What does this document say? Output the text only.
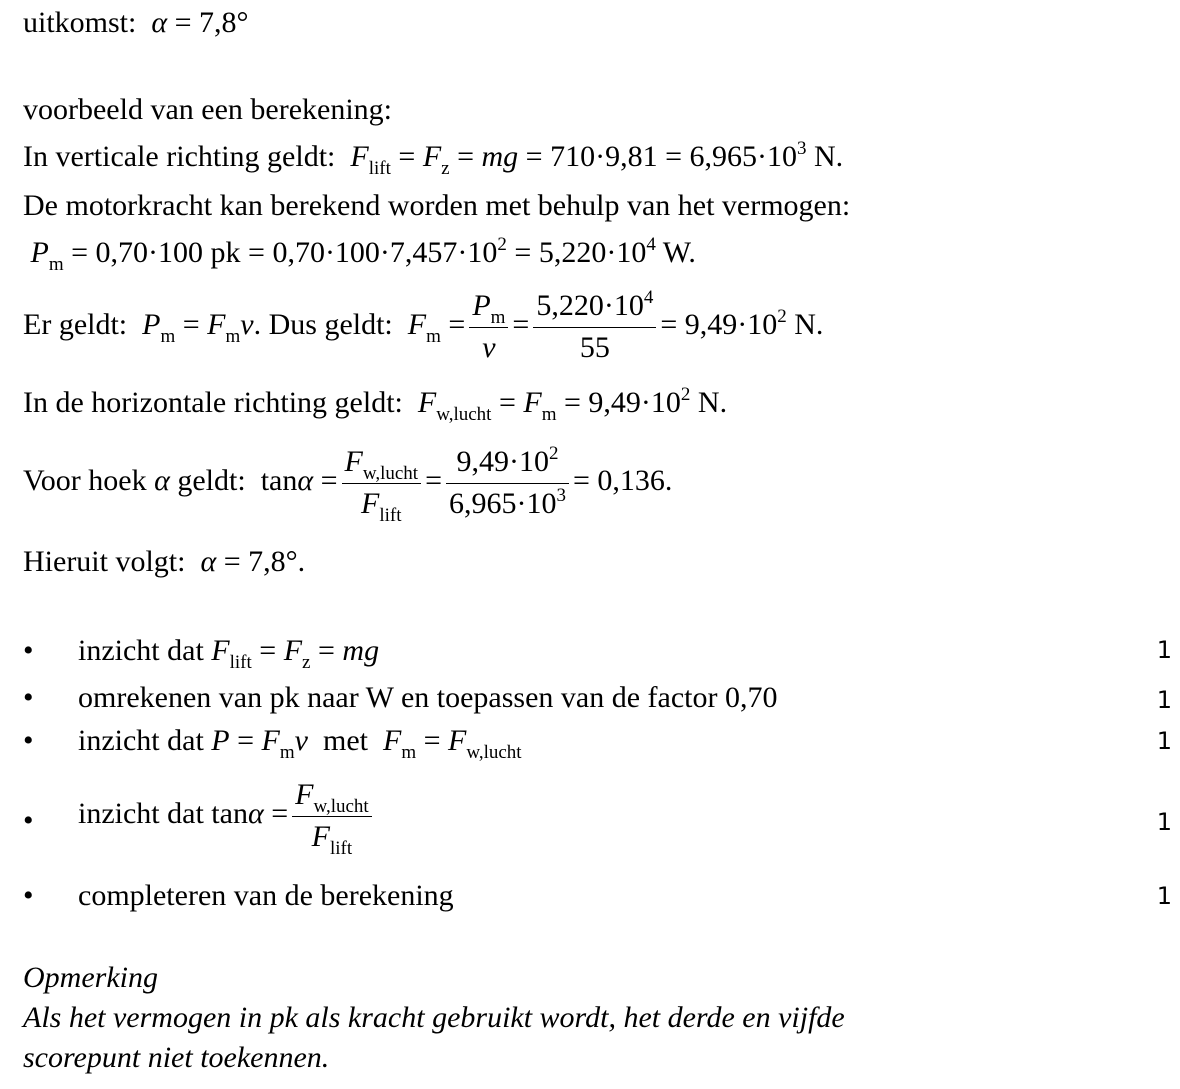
uitkomst: α = 7,8°
voorbeeld van een berekening:
In verticale richting geldt: $F_{lift} = F_z$ = mg = $710\cdot 9,81 = 6,965\cdot 10^3$ N.
De motorkracht kan berekend worden met behulp van het vermogen:
$P_m = 0,70\cdot 100$ pk = $0,70\cdot 100\cdot 7,457\cdot 10^2 = 5,220\cdot 10^4$ W.
Er geldt: $P_m = F_mv$. Dus geldt: $F_m = \frac{P_m}{v} = \frac{5,220\cdot 10^4}{55} = 9,49\cdot 10^2$ N.
In de horizontale richting geldt: $F_{w,lucht} = F_m = 9,49\cdot 10^2$ N.
Voor hoek α geldt:  $\tan\alpha = \frac{F_{w,lucht}}{F_{lift}} = \frac{9,49\cdot 10^2}{6,965\cdot 10^3} = 0,136$.
Hieruit volgt: α = 7,8°.
• inzicht dat $F_{lift} = F_z$ = mg	1
• omrekenen van pk naar W en toepassen van de factor 0,70	1
• inzicht dat $P = F_mv$ met $F_m = F_{w,lucht}$	1
• inzicht dat $\tan\alpha = \frac{F_{w,lucht}}{F_{lift}}$	1
• completeren van de berekening	1
Opmerking
Als het vermogen in pk als kracht gebruikt wordt, het derde en vijfde
scorepunt niet toekennen.
